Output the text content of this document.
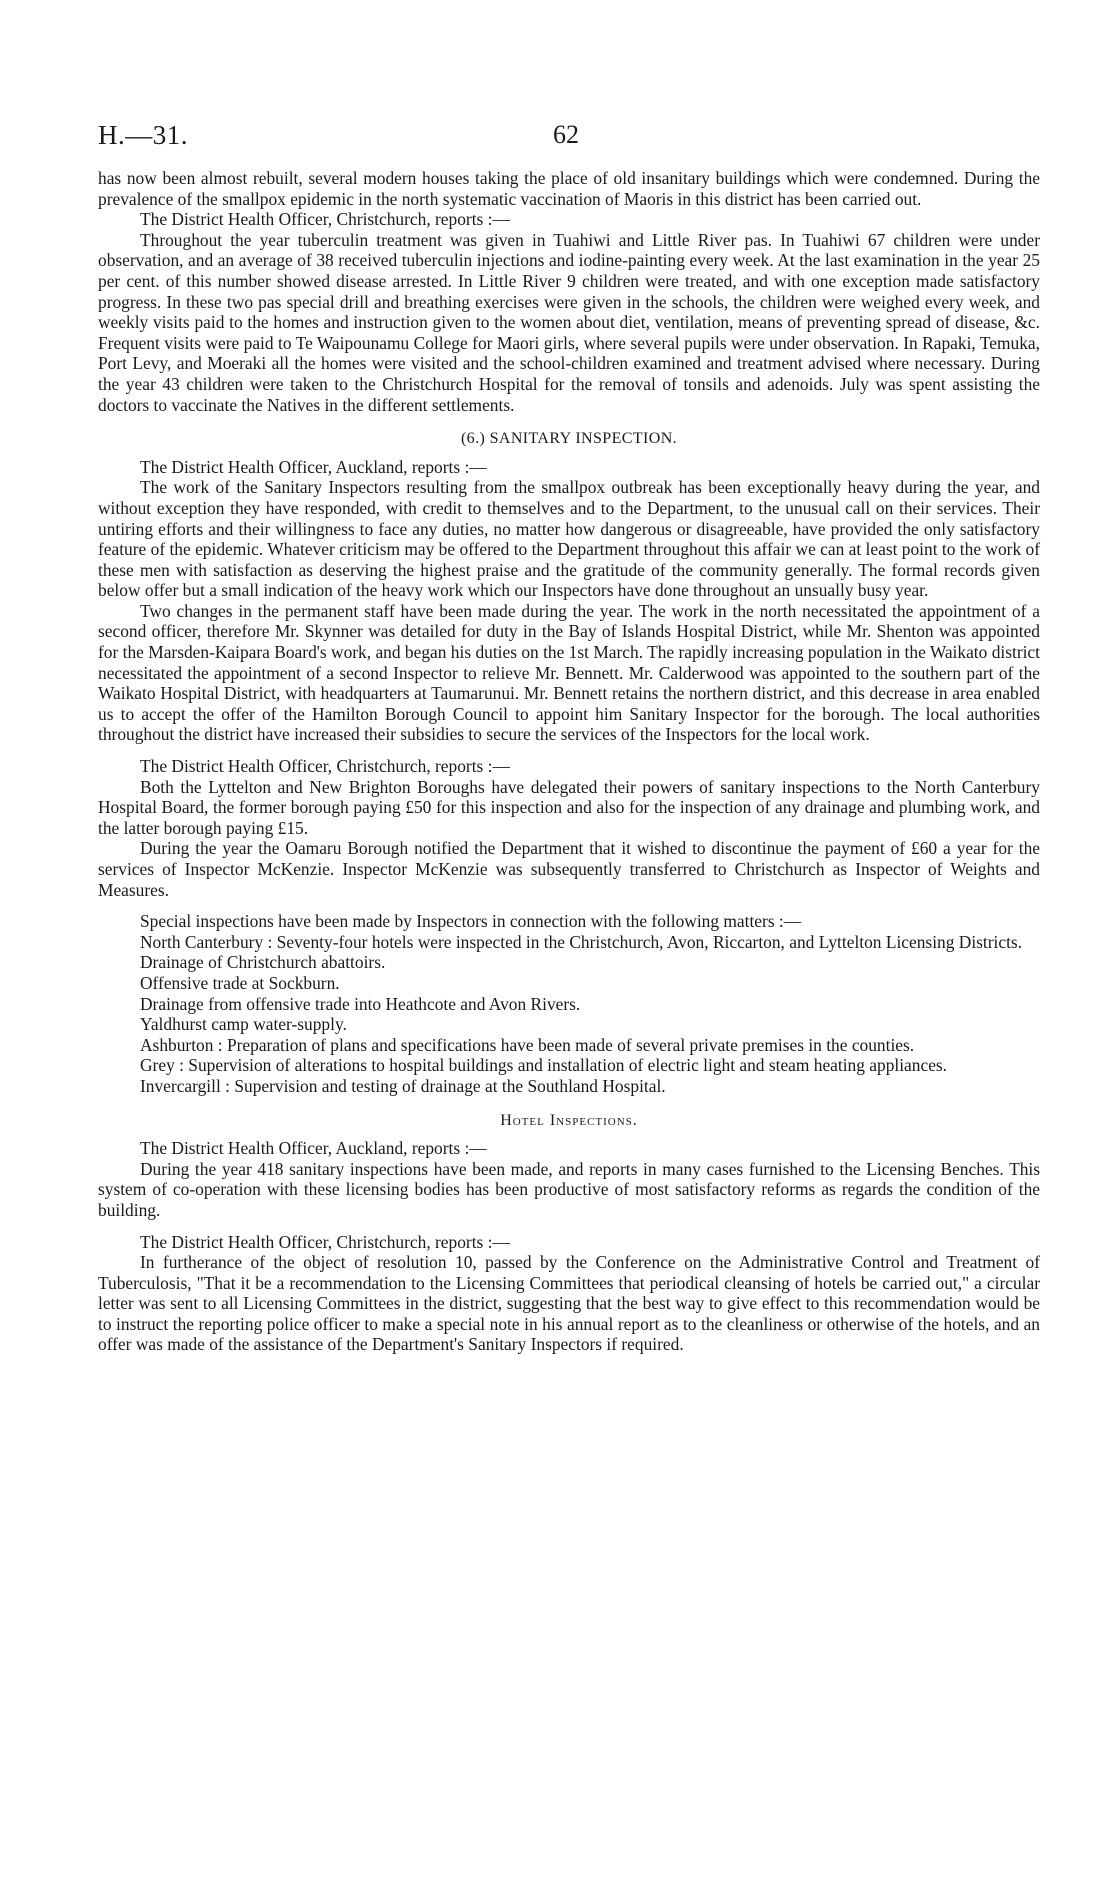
H.—31.	62

has now been almost rebuilt, several modern houses taking the place of old insanitary buildings which were condemned. During the prevalence of the smallpox epidemic in the north systematic vaccination of Maoris in this district has been carried out.

The District Health Officer, Christchurch, reports :—

Throughout the year tuberculin treatment was given in Tuahiwi and Little River pas. In Tuahiwi 67 children were under observation, and an average of 38 received tuberculin injections and iodine-painting every week. At the last examination in the year 25 per cent. of this number showed disease arrested. In Little River 9 children were treated, and with one exception made satisfactory progress. In these two pas special drill and breathing exercises were given in the schools, the children were weighed every week, and weekly visits paid to the homes and instruction given to the women about diet, ventilation, means of preventing spread of disease, &c. Frequent visits were paid to Te Waipounamu College for Maori girls, where several pupils were under observation. In Rapaki, Temuka, Port Levy, and Moeraki all the homes were visited and the school-children examined and treatment advised where necessary. During the year 43 children were taken to the Christchurch Hospital for the removal of tonsils and adenoids. July was spent assisting the doctors to vaccinate the Natives in the different settlements.

(6.) SANITARY INSPECTION.

The District Health Officer, Auckland, reports :—

The work of the Sanitary Inspectors resulting from the smallpox outbreak has been exceptionally heavy during the year, and without exception they have responded, with credit to themselves and to the Department, to the unusual call on their services. Their untiring efforts and their willingness to face any duties, no matter how dangerous or disagreeable, have provided the only satisfactory feature of the epidemic. Whatever criticism may be offered to the Department throughout this affair we can at least point to the work of these men with satisfaction as deserving the highest praise and the gratitude of the community generally. The formal records given below offer but a small indication of the heavy work which our Inspectors have done throughout an unsually busy year.

Two changes in the permanent staff have been made during the year. The work in the north necessitated the appointment of a second officer, therefore Mr. Skynner was detailed for duty in the Bay of Islands Hospital District, while Mr. Shenton was appointed for the Marsden-Kaipara Board's work, and began his duties on the 1st March. The rapidly increasing population in the Waikato district necessitated the appointment of a second Inspector to relieve Mr. Bennett. Mr. Calderwood was appointed to the southern part of the Waikato Hospital District, with headquarters at Taumarunui. Mr. Bennett retains the northern district, and this decrease in area enabled us to accept the offer of the Hamilton Borough Council to appoint him Sanitary Inspector for the borough. The local authorities throughout the district have increased their subsidies to secure the services of the Inspectors for the local work.

The District Health Officer, Christchurch, reports :—

Both the Lyttelton and New Brighton Boroughs have delegated their powers of sanitary inspections to the North Canterbury Hospital Board, the former borough paying £50 for this inspection and also for the inspection of any drainage and plumbing work, and the latter borough paying £15.

During the year the Oamaru Borough notified the Department that it wished to discontinue the payment of £60 a year for the services of Inspector McKenzie. Inspector McKenzie was subsequently transferred to Christchurch as Inspector of Weights and Measures.

Special inspections have been made by Inspectors in connection with the following matters :—

North Canterbury : Seventy-four hotels were inspected in the Christchurch, Avon, Riccarton, and Lyttelton Licensing Districts.
Drainage of Christchurch abattoirs.
Offensive trade at Sockburn.
Drainage from offensive trade into Heathcote and Avon Rivers.
Yaldhurst camp water-supply.
Ashburton : Preparation of plans and specifications have been made of several private premises in the counties.
Grey : Supervision of alterations to hospital buildings and installation of electric light and steam heating appliances.
Invercargill : Supervision and testing of drainage at the Southland Hospital.

Hotel Inspections.

The District Health Officer, Auckland, reports :—

During the year 418 sanitary inspections have been made, and reports in many cases furnished to the Licensing Benches. This system of co-operation with these licensing bodies has been productive of most satisfactory reforms as regards the condition of the building.

The District Health Officer, Christchurch, reports :—

In furtherance of the object of resolution 10, passed by the Conference on the Administrative Control and Treatment of Tuberculosis, "That it be a recommendation to the Licensing Committees that periodical cleansing of hotels be carried out," a circular letter was sent to all Licensing Committees in the district, suggesting that the best way to give effect to this recommendation would be to instruct the reporting police officer to make a special note in his annual report as to the cleanliness or otherwise of the hotels, and an offer was made of the assistance of the Department's Sanitary Inspectors if required.
